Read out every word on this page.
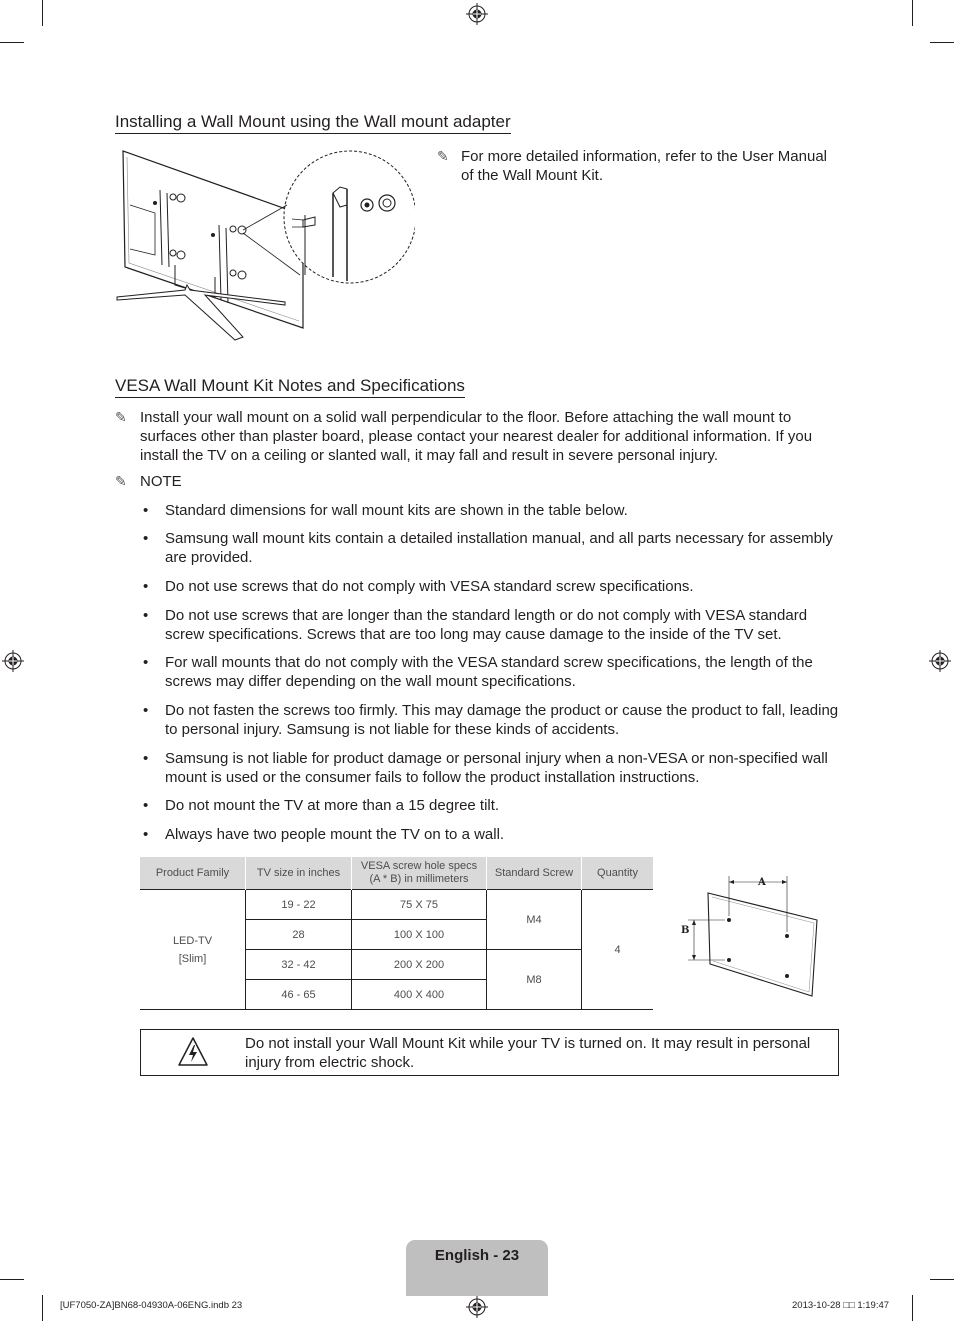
Installing a Wall Mount using the Wall mount adapter
✎ For more detailed information, refer to the User Manual of the Wall Mount Kit.
VESA Wall Mount Kit Notes and Specifications
✎ Install your wall mount on a solid wall perpendicular to the floor. Before attaching the wall mount to surfaces other than plaster board, please contact your nearest dealer for additional information. If you install the TV on a ceiling or slanted wall, it may fall and result in severe personal injury.
✎ NOTE
• Standard dimensions for wall mount kits are shown in the table below.
• Samsung wall mount kits contain a detailed installation manual, and all parts necessary for assembly are provided.
• Do not use screws that do not comply with VESA standard screw specifications.
• Do not use screws that are longer than the standard length or do not comply with VESA standard screw specifications. Screws that are too long may cause damage to the inside of the TV set.
• For wall mounts that do not comply with the VESA standard screw specifications, the length of the screws may differ depending on the wall mount specifications.
• Do not fasten the screws too firmly. This may damage the product or cause the product to fall, leading to personal injury. Samsung is not liable for these kinds of accidents.
• Samsung is not liable for product damage or personal injury when a non-VESA or non-specified wall mount is used or the consumer fails to follow the product installation instructions.
• Do not mount the TV at more than a 15 degree tilt.
• Always have two people mount the TV on to a wall.
Product Family	TV size in inches	VESA screw hole specs (A * B) in millimeters	Standard Screw	Quantity

LED-TV
[Slim]	19 - 22	75 X 75	M4	4
	28	100 X 100		
	32 - 42	200 X 200	M8	
	46 - 65	400 X 400		
A
B
Do not install your Wall Mount Kit while your TV is turned on. It may result in personal injury from electric shock.
English - 23
[UF7050-ZA]BN68-04930A-06ENG.indb 23	2013-10-28 □□ 1:19:47
